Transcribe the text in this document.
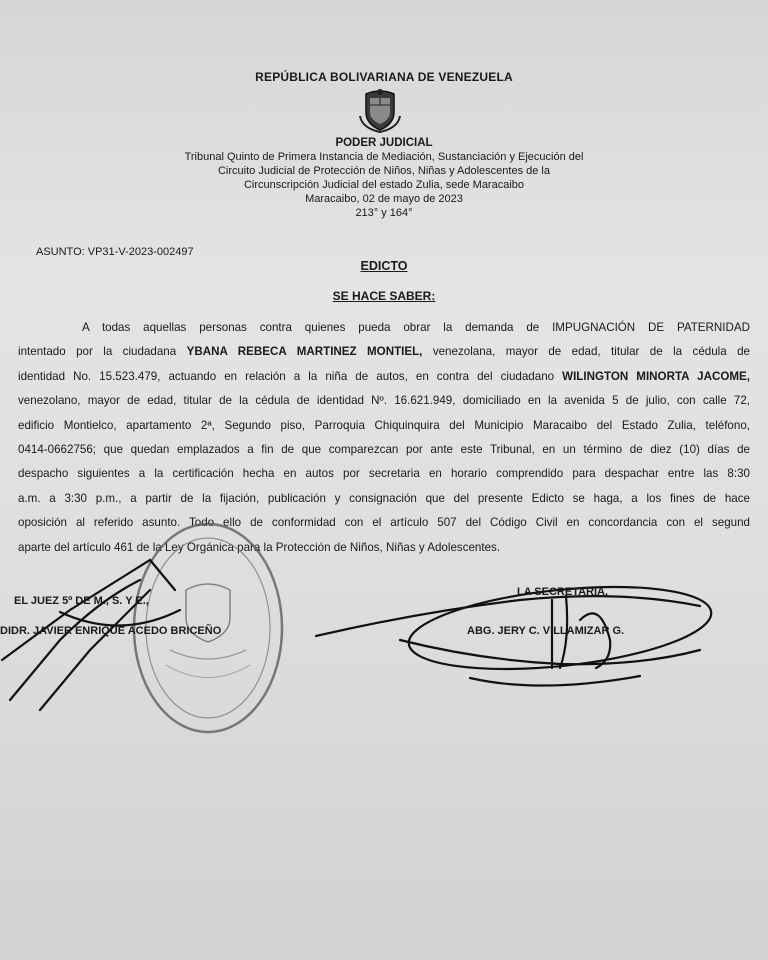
REPÚBLICA BOLIVARIANA DE VENEZUELA
PODER JUDICIAL
Tribunal Quinto de Primera Instancia de Mediación, Sustanciación y Ejecución del
Circuito Judicial de Protección de Niños, Niñas y Adolescentes de la
Circunscripción Judicial del estado Zulia, sede Maracaibo
Maracaibo, 02 de mayo de 2023
213° y 164°
ASUNTO: VP31-V-2023-002497
EDICTO
SE HACE SABER:
A todas aquellas personas contra quienes pueda obrar la demanda de IMPUGNACIÓN DE PATERNIDAD
intentado por la ciudadana YBANA REBECA MARTINEZ MONTIEL, venezolana, mayor de edad, titular de la cédula de
identidad No. 15.523.479, actuando en relación a la niña de autos, en contra del ciudadano WILINGTON MINORTA JACOME,
venezolano, mayor de edad, titular de la cédula de identidad Nº. 16.621.949, domiciliado en la avenida 5 de julio, con calle 72,
edificio Montielco, apartamento 2ª, Segundo piso, Parroquia Chiquinquira del Municipio Maracaibo del Estado Zulia, teléfono,
0414-0662756; que quedan emplazados a fin de que comparezcan por ante este Tribunal, en un término de diez (10) días de
despacho siguientes a la certificación hecha en autos por secretaria en horario comprendido para despachar entre las 8:30
a.m. a 3:30 p.m., a partir de la fijación, publicación y consignación que del presente Edicto se haga, a los fines de hace
oposición al referido asunto. Todo ello de conformidad con el artículo 507 del Código Civil en concordancia con el segund
aparte del artículo 461 de la Ley Orgánica para la Protección de Niños, Niñas y Adolescentes.
EL JUEZ 5º DE M., S. Y E.,
DIDR. JAVIER ENRIQUE ACEDO BRICEÑO
LA SECRETARIA,
ABG. JERY C. VILLAMIZAR G.
